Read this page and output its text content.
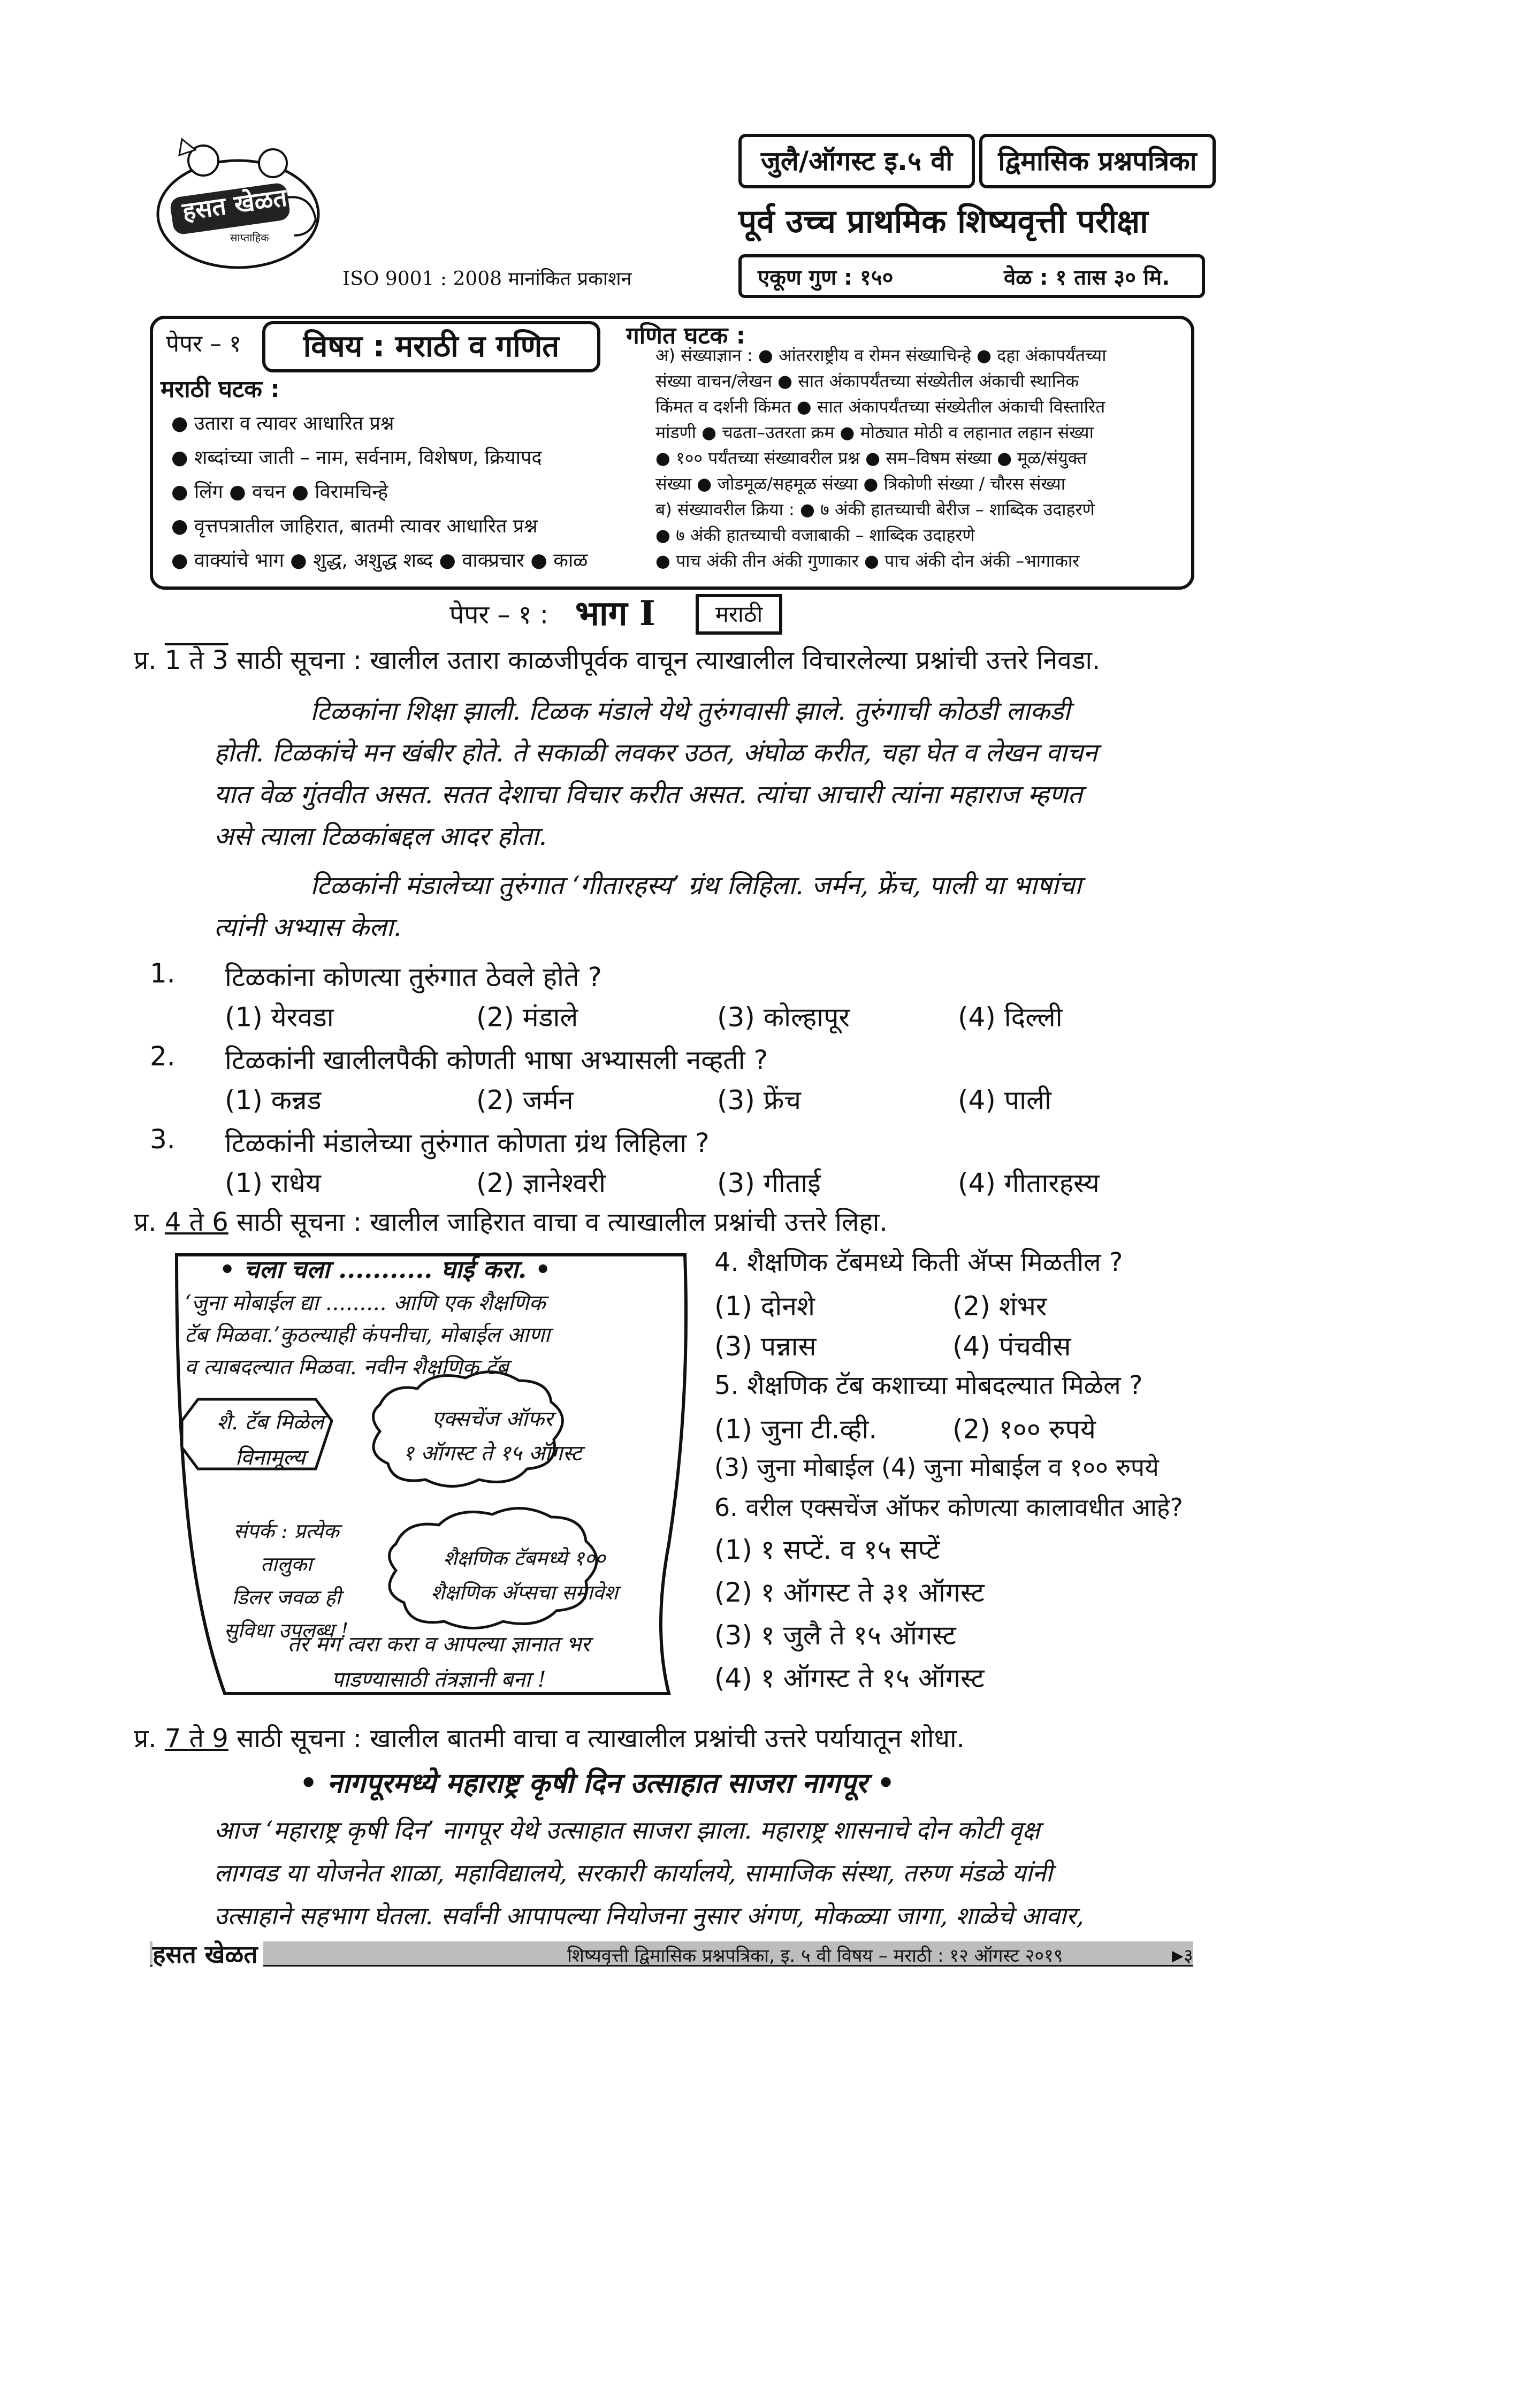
हसत खेळत
साप्ताहिक
ISO 9001 : 2008 मानांकित प्रकाशन
जुलै/ऑगस्ट इ.५ वी	द्विमासिक प्रश्नपत्रिका
पूर्व उच्च प्राथमिक शिष्यवृत्ती परीक्षा
एकूण गुण : १५०	वेळ : १ तास ३० मि.
पेपर – १	विषय : मराठी व गणित
मराठी घटक :
● उतारा व त्यावर आधारित प्रश्न
● शब्दांच्या जाती – नाम, सर्वनाम, विशेषण, क्रियापद
● लिंग ● वचन ● विरामचिन्हे
● वृत्तपत्रातील जाहिरात, बातमी त्यावर आधारित प्रश्न
● वाक्यांचे भाग ● शुद्ध, अशुद्ध शब्द ● वाक्प्रचार ● काळ
गणित घटक :
अ) संख्याज्ञान : ● आंतरराष्ट्रीय व रोमन संख्याचिन्हे ● दहा अंकापर्यंतच्या
संख्या वाचन/लेखन ● सात अंकापर्यंतच्या संख्येतील अंकाची स्थानिक
किंमत व दर्शनी किंमत ● सात अंकापर्यंतच्या संख्येतील अंकाची विस्तारित
मांडणी ● चढता–उतरता क्रम ● मोठ्यात मोठी व लहानात लहान संख्या
● १०० पर्यंतच्या संख्यावरील प्रश्न ● सम–विषम संख्या ● मूळ/संयुक्त
संख्या ● जोडमूळ/सहमूळ संख्या ● त्रिकोणी संख्या / चौरस संख्या
ब) संख्यावरील क्रिया : ● ७ अंकी हातच्याची बेरीज – शाब्दिक उदाहरणे
● ७ अंकी हातच्याची वजाबाकी – शाब्दिक उदाहरणे
● पाच अंकी तीन अंकी गुणाकार ● पाच अंकी दोन अंकी –भागाकार
पेपर – १ : भाग I	मराठी
प्र. 1 ते 3 साठी सूचना : खालील उतारा काळजीपूर्वक वाचून त्याखालील विचारलेल्या प्रश्नांची उत्तरे निवडा.
टिळकांना शिक्षा झाली. टिळक मंडाले येथे तुरुंगवासी झाले. तुरुंगाची कोठडी लाकडी
होती. टिळकांचे मन खंबीर होते. ते सकाळी लवकर उठत, अंघोळ करीत, चहा घेत व लेखन वाचन
यात वेळ गुंतवीत असत. सतत देशाचा विचार करीत असत. त्यांचा आचारी त्यांना महाराज म्हणत
असे त्याला टिळकांबद्दल आदर होता.
टिळकांनी मंडालेच्या तुरुंगात ‘गीतारहस्य’ ग्रंथ लिहिला. जर्मन, फ्रेंच, पाली या भाषांचा
त्यांनी अभ्यास केला.
1. टिळकांना कोणत्या तुरुंगात ठेवले होते ?
(1) येरवडा	(2) मंडाले	(3) कोल्हापूर	(4) दिल्ली
2. टिळकांनी खालीलपैकी कोणती भाषा अभ्यासली नव्हती ?
(1) कन्नड	(2) जर्मन	(3) फ्रेंच	(4) पाली
3. टिळकांनी मंडालेच्या तुरुंगात कोणता ग्रंथ लिहिला ?
(1) राधेय	(2) ज्ञानेश्वरी	(3) गीताई	(4) गीतारहस्य
प्र. 4 ते 6 साठी सूचना : खालील जाहिरात वाचा व त्याखालील प्रश्नांची उत्तरे लिहा.
• चला चला ........... घाई करा. •
‘जुना मोबाईल द्या ......... आणि एक शैक्षणिक
टॅब मिळवा.’कुठल्याही कंपनीचा, मोबाईल आणा
व त्याबदल्यात मिळवा. नवीन शैक्षणिक टॅब
शै. टॅब मिळेल
विनामूल्य
एक्सचेंज ऑफर
१ ऑगस्ट ते १५ ऑगस्ट
संपर्क : प्रत्येक तालुका
डिलर जवळ ही
सुविधा उपलब्ध !
शैक्षणिक टॅबमध्ये १००
शैक्षणिक ॲप्सचा समावेश
तर मग त्वरा करा व आपल्या ज्ञानात भर
पाडण्यासाठी तंत्रज्ञानी बना !
4. शैक्षणिक टॅबमध्ये किती ॲप्स मिळतील ?
(1) दोनशे	(2) शंभर
(3) पन्नास	(4) पंचवीस
5. शैक्षणिक टॅब कशाच्या मोबदल्यात मिळेल ?
(1) जुना टी.व्ही.	(2) १०० रुपये
(3) जुना मोबाईल (4) जुना मोबाईल व १०० रुपये
6. वरील एक्सचेंज ऑफर कोणत्या कालावधीत आहे?
(1) १ सप्टें. व १५ सप्टें
(2) १ ऑगस्ट ते ३१ ऑगस्ट
(3) १ जुलै ते १५ ऑगस्ट
(4) १ ऑगस्ट ते १५ ऑगस्ट
प्र. 7 ते 9 साठी सूचना : खालील बातमी वाचा व त्याखालील प्रश्नांची उत्तरे पर्यायातून शोधा.
• नागपूरमध्ये महाराष्ट्र कृषी दिन उत्साहात साजरा नागपूर •
आज ‘महाराष्ट्र कृषी दिन’ नागपूर येथे उत्साहात साजरा झाला. महाराष्ट्र शासनाचे दोन कोटी वृक्ष
लागवड या योजनेत शाळा, महाविद्यालये, सरकारी कार्यालये, सामाजिक संस्था, तरुण मंडळे यांनी
उत्साहाने सहभाग घेतला. सर्वांनी आपापल्या नियोजना नुसार अंगण, मोकळ्या जागा, शाळेचे आवार,
हसत खेळत	शिष्यवृत्ती द्विमासिक प्रश्नपत्रिका, इ. ५ वी विषय – मराठी : १२ ऑगस्ट २०१९	▶ ३
